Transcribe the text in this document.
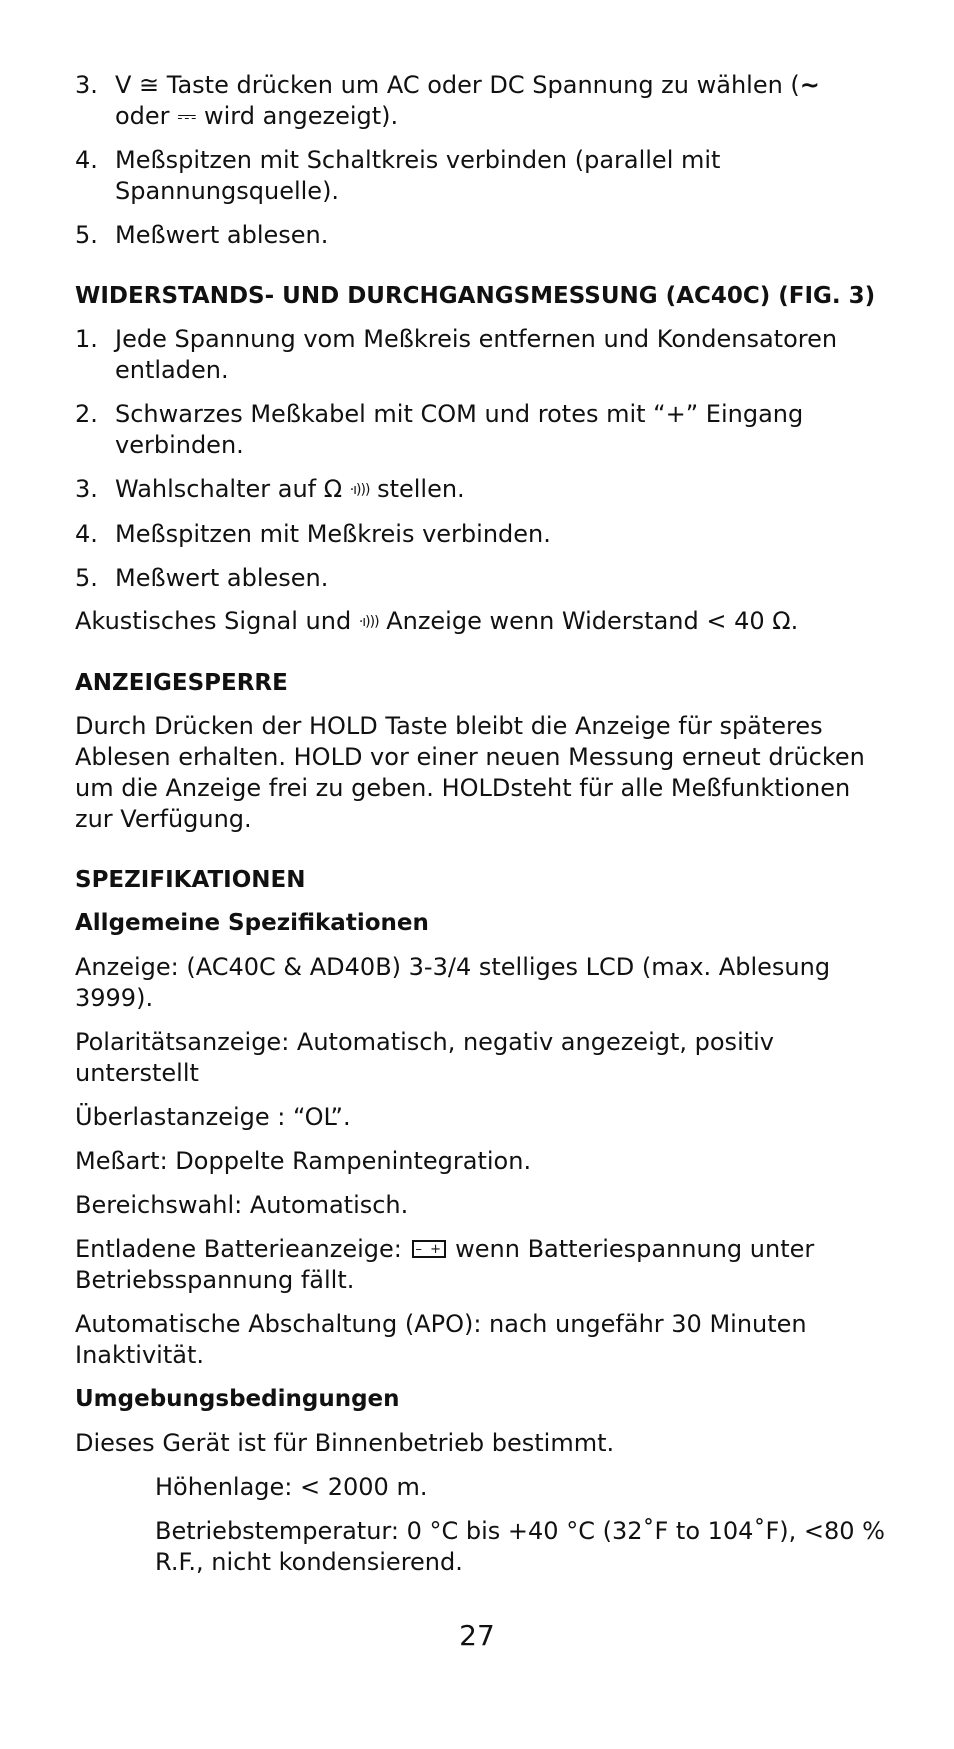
3. V ≅ Taste drücken um AC oder DC Spannung zu wählen (~
oder ⎓ wird angezeigt).
4. Meßspitzen mit Schaltkreis verbinden (parallel mit Spannungsquelle).
5. Meßwert ablesen.
WIDERSTANDS- UND DURCHGANGSMESSUNG (AC40C) (FIG. 3)
1. Jede Spannung vom Meßkreis entfernen und Kondensatoren entladen.
2. Schwarzes Meßkabel mit COM und rotes mit “+” Eingang verbinden.
3. Wahlschalter auf Ω ·ı))) stellen.
4. Meßspitzen mit Meßkreis verbinden.
5. Meßwert ablesen.
Akustisches Signal und ·ı))) Anzeige wenn Widerstand < 40 Ω.
ANZEIGESPERRE
Durch Drücken der HOLD Taste bleibt die Anzeige für späteres Ablesen erhalten. HOLD vor einer neuen Messung erneut drücken um die Anzeige frei zu geben. HOLDsteht für alle Meßfunktionen zur Verfügung.
SPEZIFIKATIONEN
Allgemeine Spezifikationen
Anzeige: (AC40C & AD40B) 3-3/4 stelliges LCD (max. Ablesung 3999).
Polaritätsanzeige: Automatisch, negativ angezeigt, positiv unterstellt
Überlastanzeige : “OL”.
Meßart: Doppelte Rampenintegration.
Bereichswahl: Automatisch.
Entladene Batterieanzeige: – + wenn Batteriespannung unter Betriebsspannung fällt.
Automatische Abschaltung (APO): nach ungefähr 30 Minuten Inaktivität.
Umgebungsbedingungen
Dieses Gerät ist für Binnenbetrieb bestimmt.
Höhenlage: < 2000 m.
Betriebstemperatur: 0 °C bis +40 °C (32˚F to 104˚F), <80 % R.F., nicht kondensierend.
27
